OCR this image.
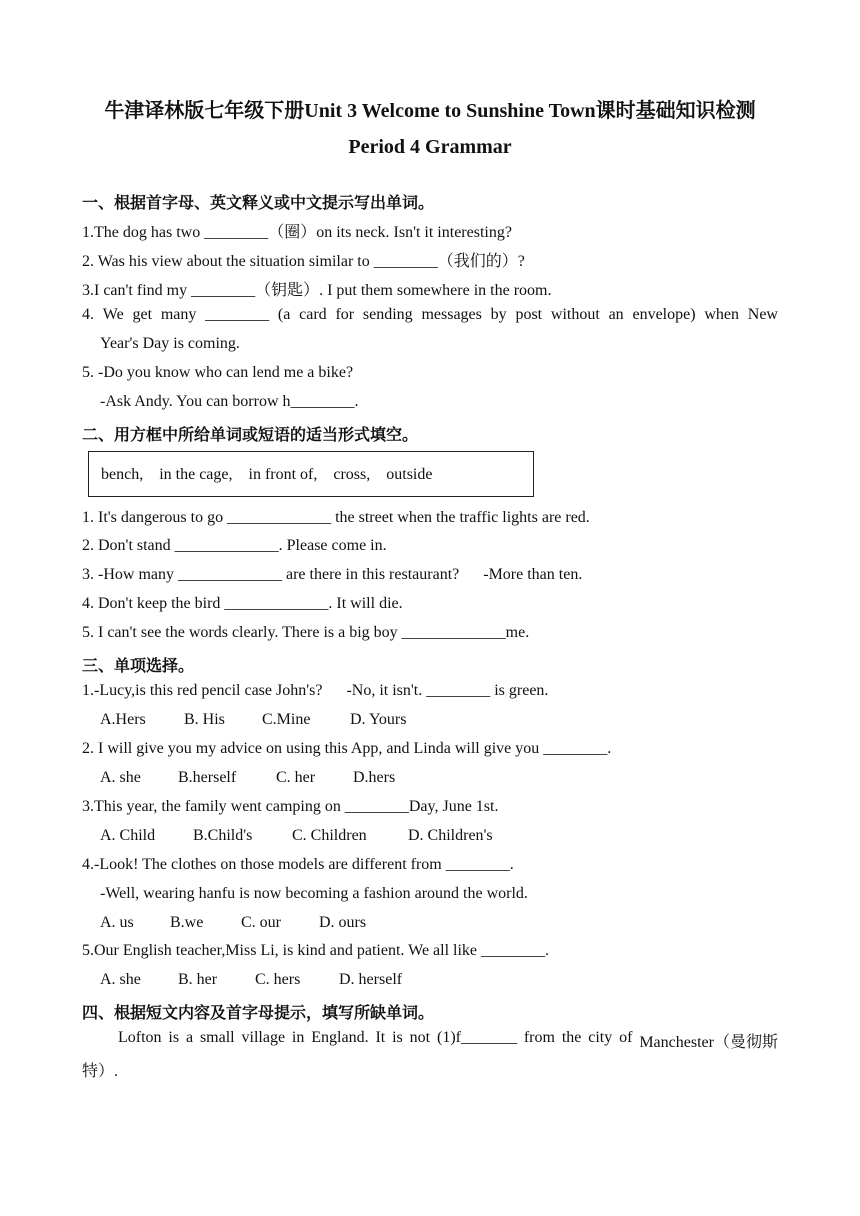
牛津译林版七年级下册Unit 3 Welcome to Sunshine Town课时基础知识检测
Period 4 Grammar
一、根据首字母、英文释义或中文提示写出单词。
1.The dog has two ________（圈）on its neck. Isn't it interesting?
2. Was his view about the situation similar to ________（我们的）?
3.I can't find my ________（钥匙）. I put them somewhere in the room.
4. We get many ________ (a card for sending messages by post without an envelope) when New
Year's Day is coming.
5. -Do you know who can lend me a bike?
-Ask Andy. You can borrow h________.
二、用方框中所给单词或短语的适当形式填空。
bench,    in the cage,    in front of,    cross,    outside
1. It's dangerous to go _____________ the street when the traffic lights are red.
2. Don't stand _____________. Please come in.
3. -How many _____________ are there in this restaurant?      -More than ten.
4. Don't keep the bird _____________. It will die.
5. I can't see the words clearly. There is a big boy _____________me.
三、单项选择。
1.-Lucy,is this red pencil case John's?      -No, it isn't. ________ is green.
A.Hers B. His C.Mine D. Yours
2. I will give you my advice on using this App, and Linda will give you ________.
A. she B.herself C. her D.hers
3.This year, the family went camping on ________Day, June 1st.
A. Child B.Child's C. Children	D. Children's
4.-Look! The clothes on those models are different from ________.
-Well, wearing hanfu is now becoming a fashion around the world.
A. us B.we C. our D. ours
5.Our English teacher,Miss Li, is kind and patient. We all like ________.
A. she B. her C. hers D. herself
四、根据短文内容及首字母提示，填写所缺单词。
Lofton is a small village in England. It is not (1)f_______ from the city of Manchester（曼彻斯
特）.
